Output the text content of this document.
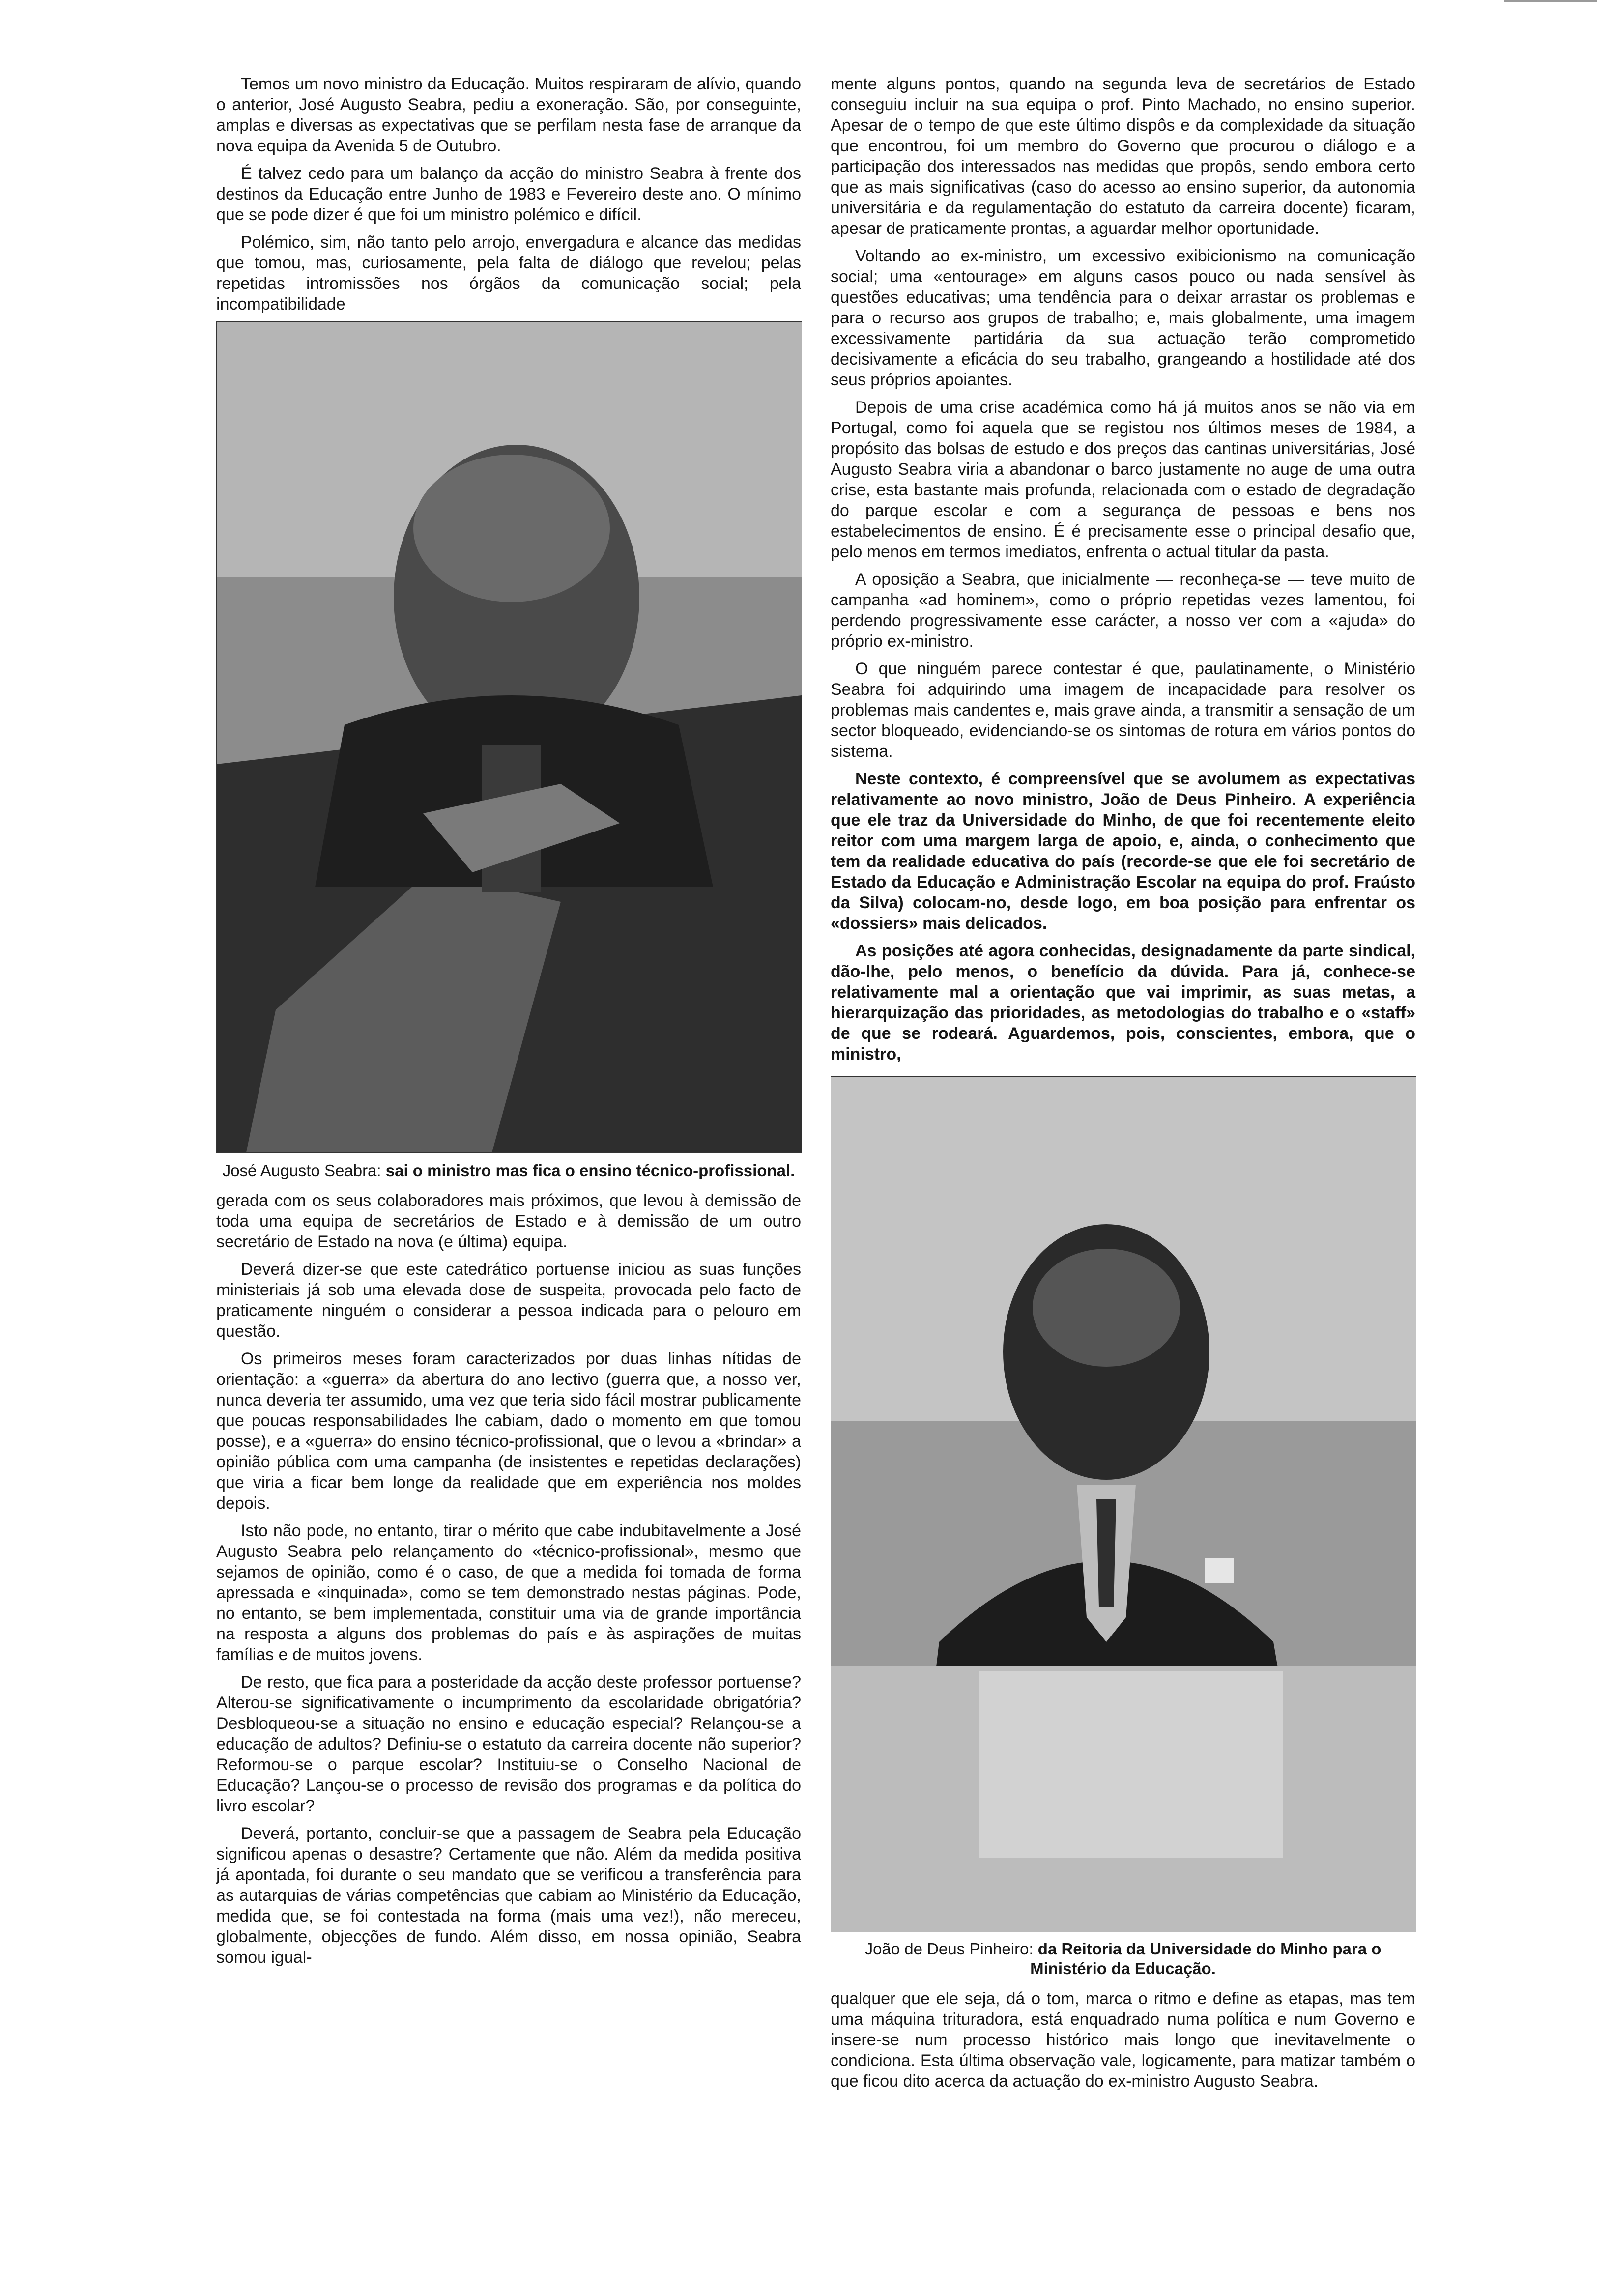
Temos um novo ministro da Educação. Muitos respiraram de alívio, quando o anterior, José Augusto Seabra, pediu a exoneração. São, por conseguinte, amplas e diversas as expectativas que se perfilam nesta fase de arranque da nova equipa da Avenida 5 de Outubro.

É talvez cedo para um balanço da acção do ministro Seabra à frente dos destinos da Educação entre Junho de 1983 e Fevereiro deste ano. O mínimo que se pode dizer é que foi um ministro polémico e difícil.

Polémico, sim, não tanto pelo arrojo, envergadura e alcance das medidas que tomou, mas, curiosamente, pela falta de diálogo que revelou; pelas repetidas intromissões nos órgãos da comunicação social; pela incompatibilidade

José Augusto Seabra: sai o ministro mas fica o ensino técnico-profissional.

gerada com os seus colaboradores mais próximos, que levou à demissão de toda uma equipa de secretários de Estado e à demissão de um outro secretário de Estado na nova (e última) equipa.

Deverá dizer-se que este catedrático portuense iniciou as suas funções ministeriais já sob uma elevada dose de suspeita, provocada pelo facto de praticamente ninguém o considerar a pessoa indicada para o pelouro em questão.

Os primeiros meses foram caracterizados por duas linhas nítidas de orientação: a «guerra» da abertura do ano lectivo (guerra que, a nosso ver, nunca deveria ter assumido, uma vez que teria sido fácil mostrar publicamente que poucas responsabilidades lhe cabiam, dado o momento em que tomou posse), e a «guerra» do ensino técnico-profissional, que o levou a «brindar» a opinião pública com uma campanha (de insistentes e repetidas declarações) que viria a ficar bem longe da realidade que em experiência nos moldes depois.

Isto não pode, no entanto, tirar o mérito que cabe indubitavelmente a José Augusto Seabra pelo relançamento do «técnico-profissional», mesmo que sejamos de opinião, como é o caso, de que a medida foi tomada de forma apressada e «inquinada», como se tem demonstrado nestas páginas. Pode, no entanto, se bem implementada, constituir uma via de grande importância na resposta a alguns dos problemas do país e às aspirações de muitas famílias e de muitos jovens.

De resto, que fica para a posteridade da acção deste professor portuense? Alterou-se significativamente o incumprimento da escolaridade obrigatória? Desbloqueou-se a situação no ensino e educação especial? Relançou-se a educação de adultos? Definiu-se o estatuto da carreira docente não superior? Reformou-se o parque escolar? Instituiu-se o Conselho Nacional de Educação? Lançou-se o processo de revisão dos programas e da política do livro escolar?

Deverá, portanto, concluir-se que a passagem de Seabra pela Educação significou apenas o desastre? Certamente que não. Além da medida positiva já apontada, foi durante o seu mandato que se verificou a transferência para as autarquias de várias competências que cabiam ao Ministério da Educação, medida que, se foi contestada na forma (mais uma vez!), não mereceu, globalmente, objecções de fundo. Além disso, em nossa opinião, Seabra somou igual-

mente alguns pontos, quando na segunda leva de secretários de Estado conseguiu incluir na sua equipa o prof. Pinto Machado, no ensino superior. Apesar de o tempo de que este último dispôs e da complexidade da situação que encontrou, foi um membro do Governo que procurou o diálogo e a participação dos interessados nas medidas que propôs, sendo embora certo que as mais significativas (caso do acesso ao ensino superior, da autonomia universitária e da regulamentação do estatuto da carreira docente) ficaram, apesar de praticamente prontas, a aguardar melhor oportunidade.

Voltando ao ex-ministro, um excessivo exibicionismo na comunicação social; uma «entourage» em alguns casos pouco ou nada sensível às questões educativas; uma tendência para o deixar arrastar os problemas e para o recurso aos grupos de trabalho; e, mais globalmente, uma imagem excessivamente partidária da sua actuação terão comprometido decisivamente a eficácia do seu trabalho, grangeando a hostilidade até dos seus próprios apoiantes.

Depois de uma crise académica como há já muitos anos se não via em Portugal, como foi aquela que se registou nos últimos meses de 1984, a propósito das bolsas de estudo e dos preços das cantinas universitárias, José Augusto Seabra viria a abandonar o barco justamente no auge de uma outra crise, esta bastante mais profunda, relacionada com o estado de degradação do parque escolar e com a segurança de pessoas e bens nos estabelecimentos de ensino. É é precisamente esse o principal desafio que, pelo menos em termos imediatos, enfrenta o actual titular da pasta.

A oposição a Seabra, que inicialmente — reconheça-se — teve muito de campanha «ad hominem», como o próprio repetidas vezes lamentou, foi perdendo progressivamente esse carácter, a nosso ver com a «ajuda» do próprio ex-ministro.

O que ninguém parece contestar é que, paulatinamente, o Ministério Seabra foi adquirindo uma imagem de incapacidade para resolver os problemas mais candentes e, mais grave ainda, a transmitir a sensação de um sector bloqueado, evidenciando-se os sintomas de rotura em vários pontos do sistema.

Neste contexto, é compreensível que se avolumem as expectativas relativamente ao novo ministro, João de Deus Pinheiro. A experiência que ele traz da Universidade do Minho, de que foi recentemente eleito reitor com uma margem larga de apoio, e, ainda, o conhecimento que tem da realidade educativa do país (recorde-se que ele foi secretário de Estado da Educação e Administração Escolar na equipa do prof. Fraústo da Silva) colocam-no, desde logo, em boa posição para enfrentar os «dossiers» mais delicados.

As posições até agora conhecidas, designadamente da parte sindical, dão-lhe, pelo menos, o benefício da dúvida. Para já, conhece-se relativamente mal a orientação que vai imprimir, as suas metas, a hierarquização das prioridades, as metodologias do trabalho e o «staff» de que se rodeará. Aguardemos, pois, conscientes, embora, que o ministro,

João de Deus Pinheiro: da Reitoria da Universidade do Minho para o Ministério da Educação.

qualquer que ele seja, dá o tom, marca o ritmo e define as etapas, mas tem uma máquina trituradora, está enquadrado numa política e num Governo e insere-se num processo histórico mais longo que inevitavelmente o condiciona. Esta última observação vale, logicamente, para matizar também o que ficou dito acerca da actuação do ex-ministro Augusto Seabra.
